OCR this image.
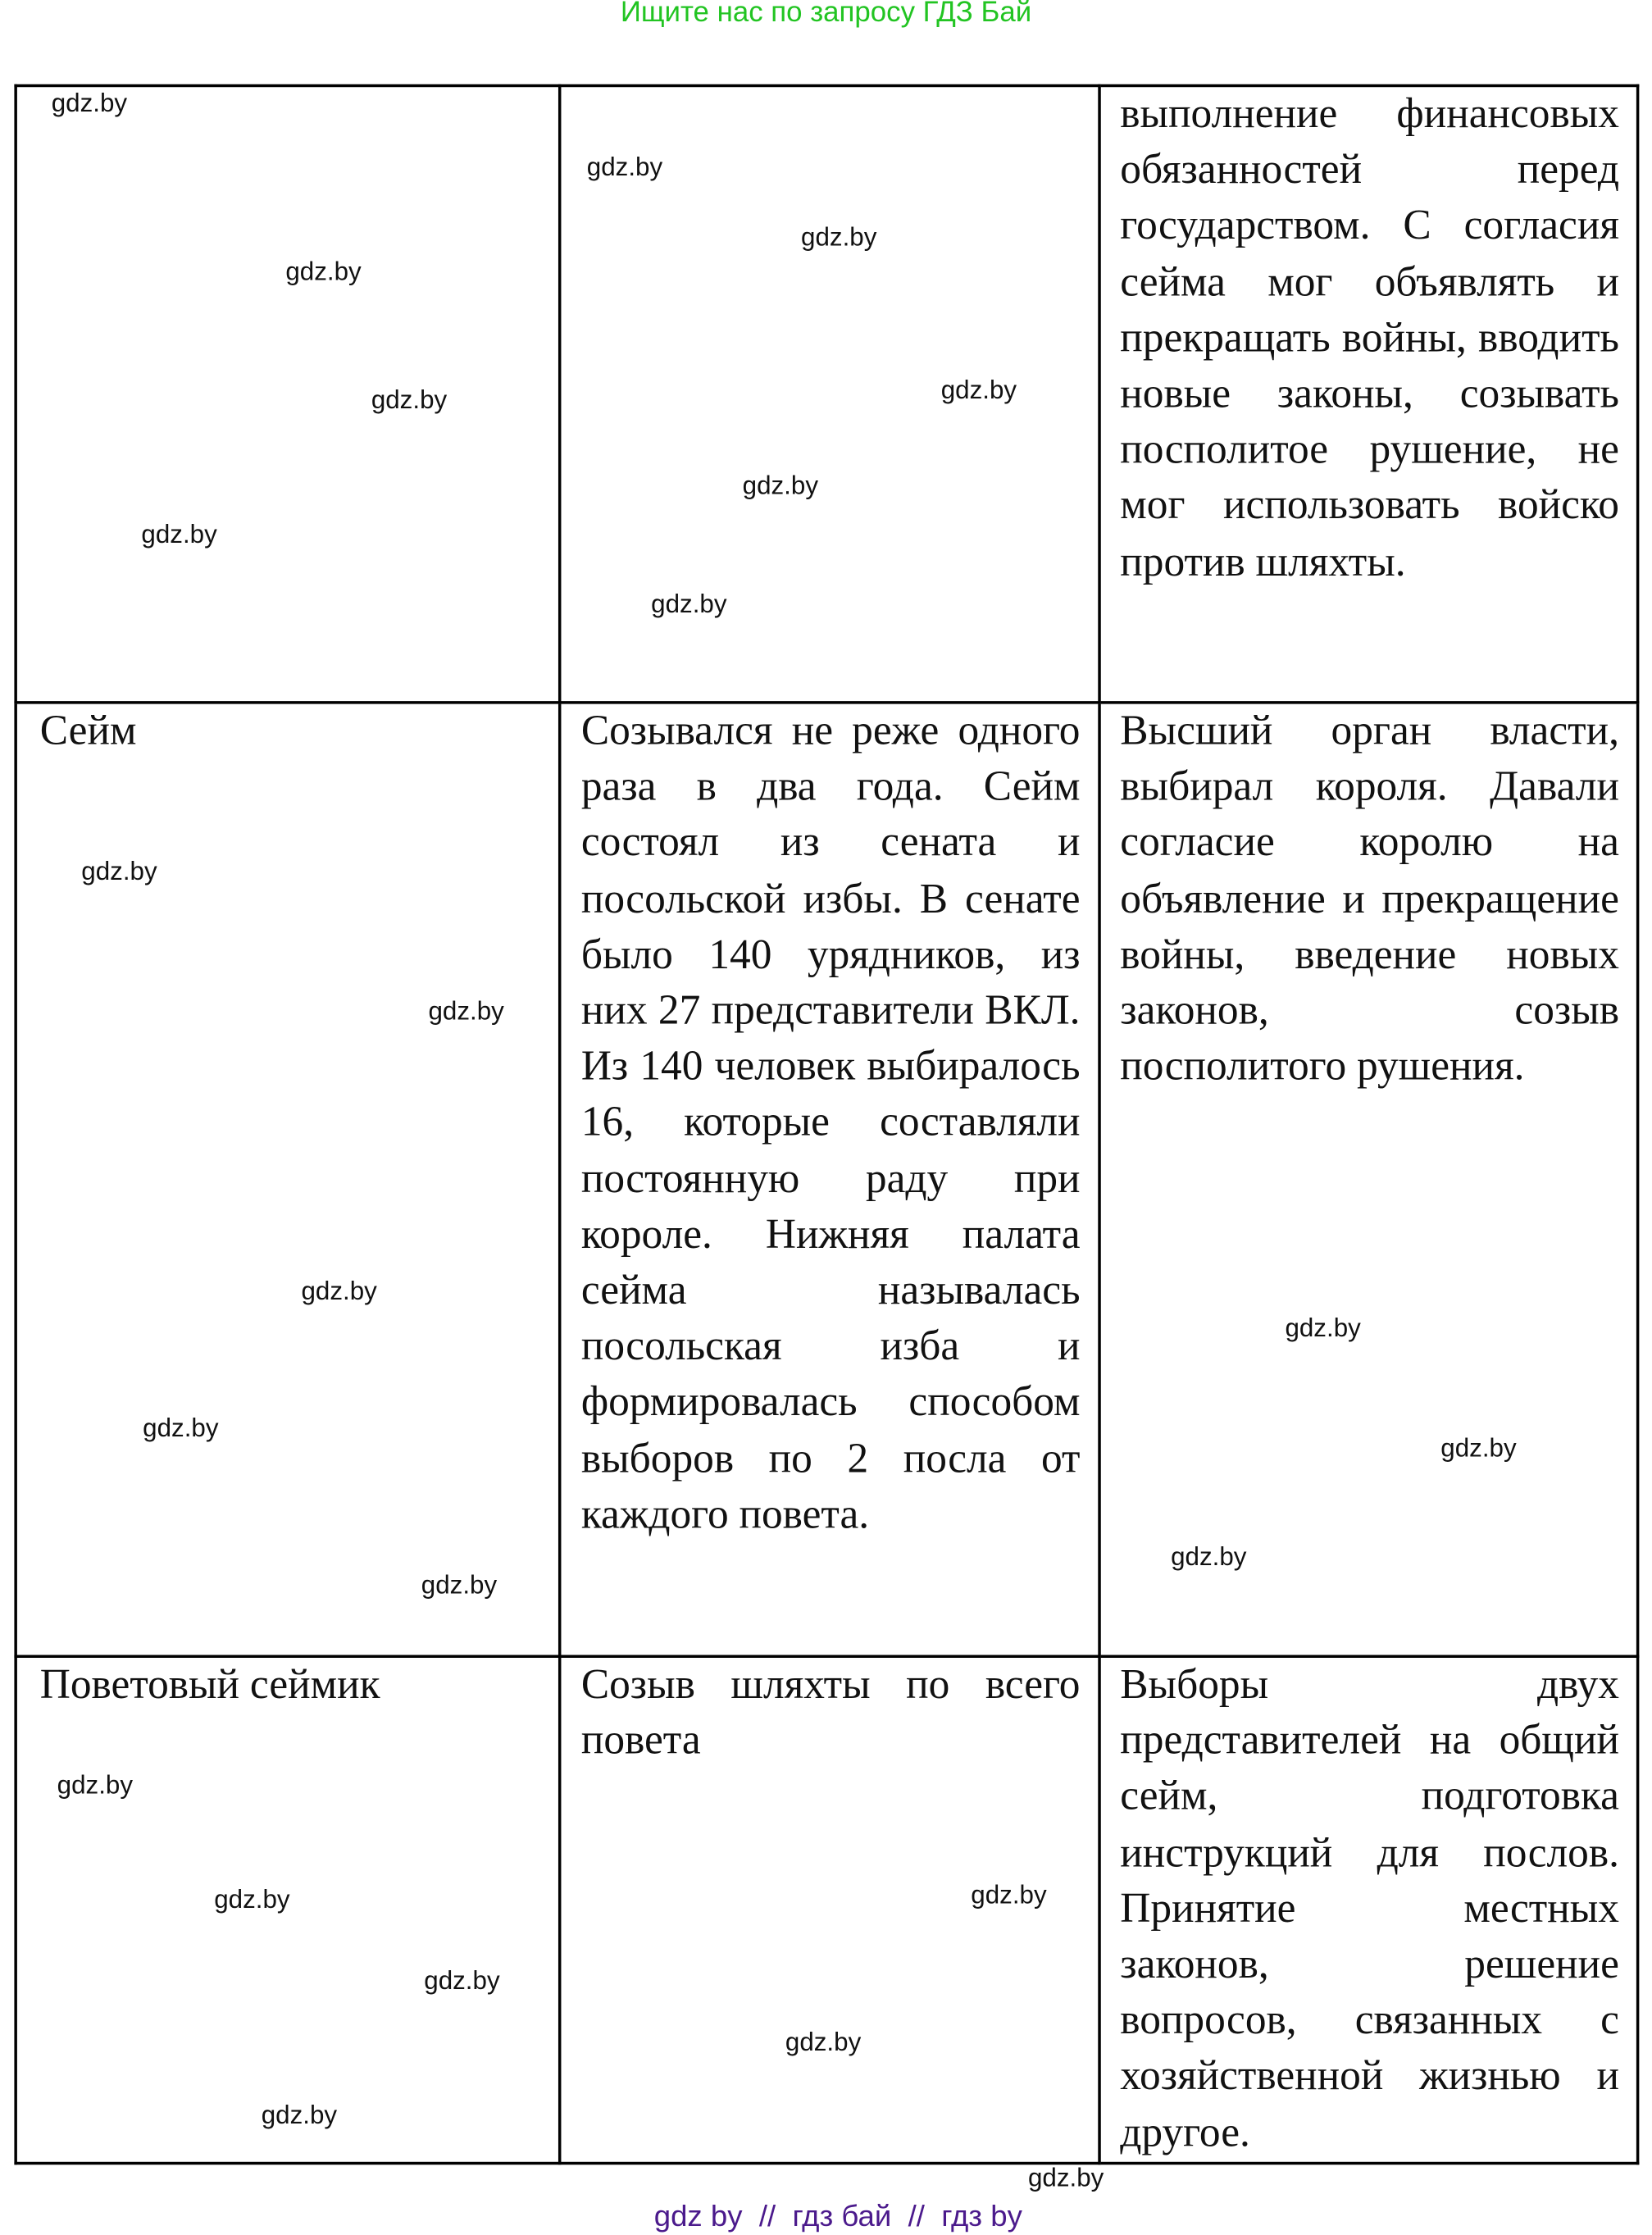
Ищите нас по запросу ГДЗ Бай
		выполнение финансовых обязанностей перед государством. С согласия сейма мог объявлять и прекращать войны, вводить новые законы, созывать посполитое рушение, не мог использовать войско против шляхты.
Сейм	Созывался не реже одного раза в два года. Сейм состоял из сената и посольской избы. В сенате было 140 урядников, из них 27 представители ВКЛ. Из 140 человек выбиралось 16, которые составляли постоянную раду при короле. Нижняя палата сейма называлась посольская изба и формировалась способом выборов по 2 посла от каждого повета.	Высший орган власти, выбирал короля. Давали согласие королю на объявление и прекращение войны, введение новых законов, созыв посполитого рушения.
Поветовый сеймик	Созыв шляхты по всего повета	Выборы двух представителей на общий сейм, подготовка инструкций для послов. Принятие местных законов, решение вопросов, связанных с хозяйственной жизнью и другое.
gdz.by
gdz.by
gdz.by
gdz.by
gdz.by
gdz.by
gdz.by
gdz.by
gdz.by
gdz.by
gdz.by
gdz.by
gdz.by
gdz.by
gdz.by
gdz.by
gdz.by
gdz.by
gdz.by	gdz.by
gdz.by
gdz.by
gdz.by
gdz.by
gdz by  //  гдз бай  //  гдз by
